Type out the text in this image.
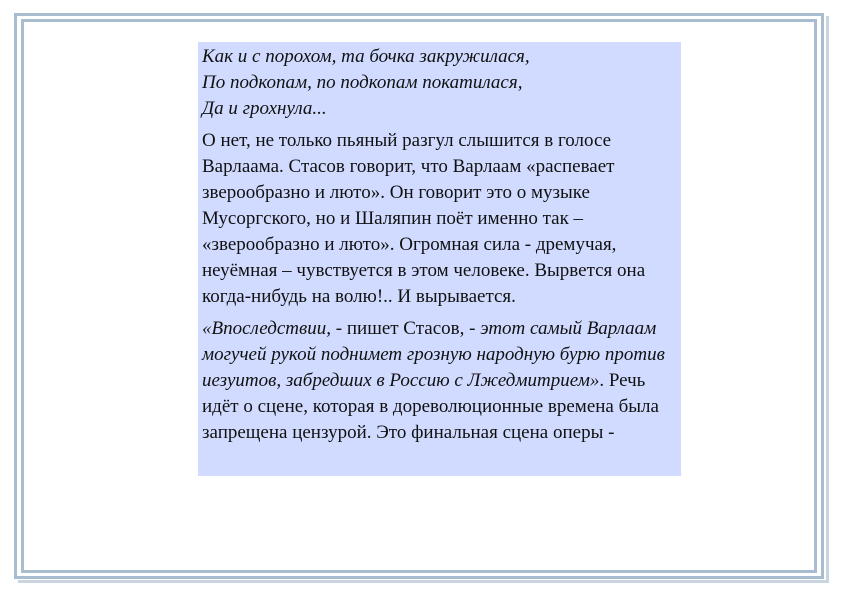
Как и с порохом, та бочка закружилася,
По подкопам, по подкопам покатилася,
Да и грохнула...
О нет, не только пьяный разгул слышится в голосе Варлаама. Стасов говорит, что Варлаам «распевает зверообразно и люто». Он говорит это о музыке Мусоргского, но и Шаляпин поёт именно так – «зверообразно и люто». Огромная сила - дремучая, неуёмная – чувствуется в этом человеке. Вырвется она когда-нибудь на волю!.. И вырывается.
«Впоследствии, - пишет Стасов, - этот самый Варлаам могучей рукой поднимет грозную народную бурю против иезуитов, забредших в Россию с Лжедмитрием». Речь идёт о сцене, которая в дореволюционные времена была запрещена цензурой. Это финальная сцена оперы -
